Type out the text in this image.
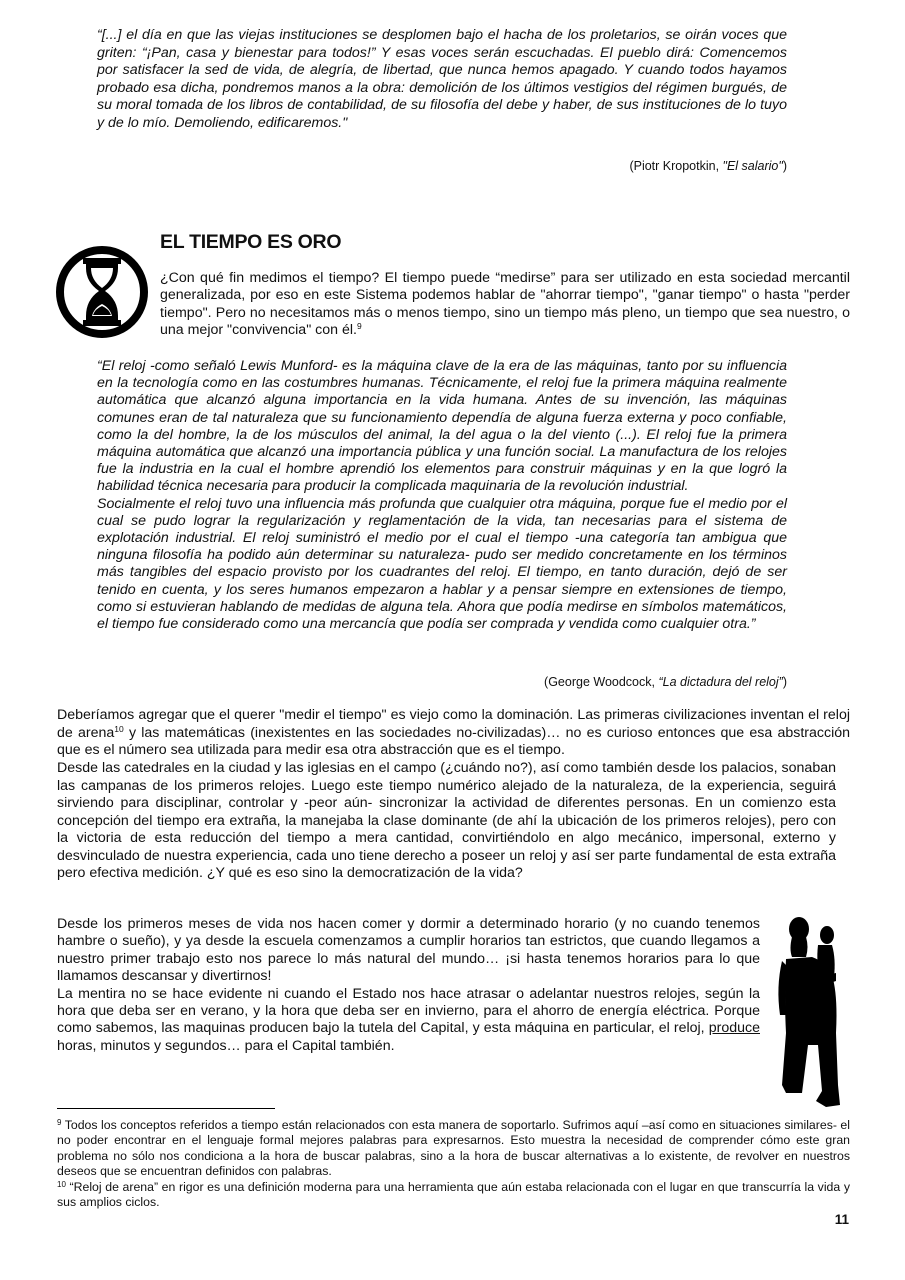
“[...] el día en que las viejas instituciones se desplomen bajo el hacha de los proletarios, se oirán voces que griten: “¡Pan, casa y bienestar para todos!” Y esas voces serán escuchadas. El pueblo dirá: Comencemos por satisfacer la sed de vida, de alegría, de libertad, que nunca hemos apagado. Y cuando todos hayamos probado esa dicha, pondremos manos a la obra: demolición de los últimos vestigios del régimen burgués, de su moral tomada de los libros de contabilidad, de su filosofía del debe y haber, de sus instituciones de lo tuyo y de lo mío. Demoliendo, edificaremos."
(Piotr Kropotkin, "El salario")
EL TIEMPO ES ORO
¿Con qué fin medimos el tiempo? El tiempo puede “medirse” para ser utilizado en esta sociedad mercantil generalizada, por eso en este Sistema podemos hablar de "ahorrar tiempo", "ganar tiempo" o hasta "perder tiempo". Pero no necesitamos más o menos tiempo, sino un tiempo más pleno, un tiempo que sea nuestro, o una mejor "convivencia" con él.$^9$

“El reloj -como señaló Lewis Munford- es la máquina clave de la era de las máquinas, tanto por su influencia en la tecnología como en las costumbres humanas. Técnicamente, el reloj fue la primera máquina realmente automática que alcanzó alguna importancia en la vida humana. Antes de su invención, las máquinas comunes eran de tal naturaleza que su funcionamiento dependía de alguna fuerza externa y poco confiable, como la del hombre, la de los músculos del animal, la del agua o la del viento (...). El reloj fue la primera máquina automática que alcanzó una importancia pública y una función social. La manufactura de los relojes fue la industria en la cual el hombre aprendió los elementos para construir máquinas y en la que logró la habilidad técnica necesaria para producir la complicada maquinaria de la revolución industrial.

Socialmente el reloj tuvo una influencia más profunda que cualquier otra máquina, porque fue el medio por el cual se pudo lograr la regularización y reglamentación de la vida, tan necesarias para el sistema de explotación industrial. El reloj suministró el medio por el cual el tiempo -una categoría tan ambigua que ninguna filosofía ha podido aún determinar su naturaleza- pudo ser medido concretamente en los términos más tangibles del espacio provisto por los cuadrantes del reloj. El tiempo, en tanto duración, dejó de ser tenido en cuenta, y los seres humanos empezaron a hablar y a pensar siempre en extensiones de tiempo, como si estuvieran hablando de medidas de alguna tela. Ahora que podía medirse en símbolos matemáticos, el tiempo fue considerado como una mercancía que podía ser comprada y vendida como cualquier otra.”

(George Woodcock, “La dictadura del reloj”)
Deberíamos agregar que el querer "medir el tiempo" es viejo como la dominación. Las primeras civilizaciones inventan el reloj de arena$^{10}$ y las matemáticas (inexistentes en las sociedades no-civilizadas)… no es curioso entonces que esa abstracción que es el número sea utilizada para medir esa otra abstracción que es el tiempo.
Desde las catedrales en la ciudad y las iglesias en el campo (¿cuándo no?), así como también desde los palacios, sonaban las campanas de los primeros relojes. Luego este tiempo numérico alejado de la naturaleza, de la experiencia, seguirá sirviendo para disciplinar, controlar y -peor aún- sincronizar la actividad de diferentes personas. En un comienzo esta concepción del tiempo era extraña, la manejaba la clase dominante (de ahí la ubicación de los primeros relojes), pero con la victoria de esta reducción del tiempo a mera cantidad, convirtiéndolo en algo mecánico, impersonal, externo y desvinculado de nuestra experiencia, cada uno tiene derecho a poseer un reloj y así ser parte fundamental de esta extraña pero efectiva medición. ¿Y qué es eso sino la democratización de la vida?

Desde los primeros meses de vida nos hacen comer y dormir a determinado horario (y no cuando tenemos hambre o sueño), y ya desde la escuela comenzamos a cumplir horarios tan estrictos, que cuando llegamos a nuestro primer trabajo esto nos parece lo más natural del mundo… ¡si hasta tenemos horarios para lo que llamamos descansar y divertirnos!

La mentira no se hace evidente ni cuando el Estado nos hace atrasar o adelantar nuestros relojes, según la hora que deba ser en verano, y la hora que deba ser en invierno, para el ahorro de energía eléctrica. Porque como sabemos, las maquinas producen bajo la tutela del Capital, y esta máquina en particular, el reloj, produce horas, minutos y segundos… para el Capital también.

$^9$ Todos los conceptos referidos a tiempo están relacionados con esta manera de soportarlo. Sufrimos aquí –así como en situaciones similares- el no poder encontrar en el lenguaje formal mejores palabras para expresarnos. Esto muestra la necesidad de comprender cómo este gran problema no sólo nos condiciona a la hora de buscar palabras, sino a la hora de buscar alternativas a lo existente, de revolver en nuestros deseos que se encuentran definidos con palabras.

$^{10}$ “Reloj de arena” en rigor es una definición moderna para una herramienta que aún estaba relacionada con el lugar en que transcurría la vida y sus amplios ciclos.

11
